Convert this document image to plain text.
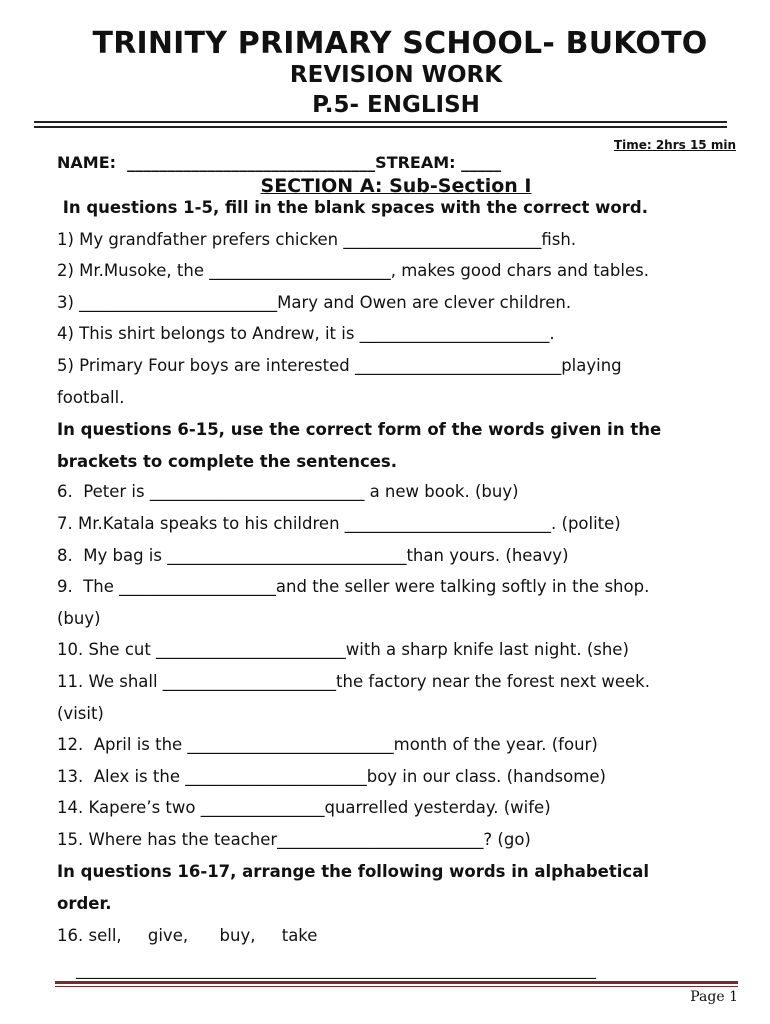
TRINITY PRIMARY SCHOOL- BUKOTO
REVISION WORK
P.5- ENGLISH
Time: 2hrs 15 min
NAME:  _______________________________STREAM: _____
SECTION A: Sub-Section I
In questions 1-5, fill in the blank spaces with the correct word.
1) My grandfather prefers chicken ________________________fish.
2) Mr.Musoke, the ______________________, makes good chars and tables.
3) ________________________Mary and Owen are clever children.
4) This shirt belongs to Andrew, it is _______________________.
5) Primary Four boys are interested _________________________playing
football.
In questions 6-15, use the correct form of the words given in the
brackets to complete the sentences.
6.  Peter is __________________________ a new book. (buy)
7. Mr.Katala speaks to his children _________________________. (polite)
8.  My bag is _____________________________than yours. (heavy)
9.  The ___________________and the seller were talking softly in the shop.
(buy)
10. She cut _______________________with a sharp knife last night. (she)
11. We shall _____________________the factory near the forest next week.
(visit)
12.  April is the _________________________month of the year. (four)
13.  Alex is the ______________________boy in our class. (handsome)
14. Kapere’s two _______________quarrelled yesterday. (wife)
15. Where has the teacher_________________________? (go)
In questions 16-17, arrange the following words in alphabetical
order.
16. sell,     give,      buy,     take
_________________________________________________________________
Page 1
